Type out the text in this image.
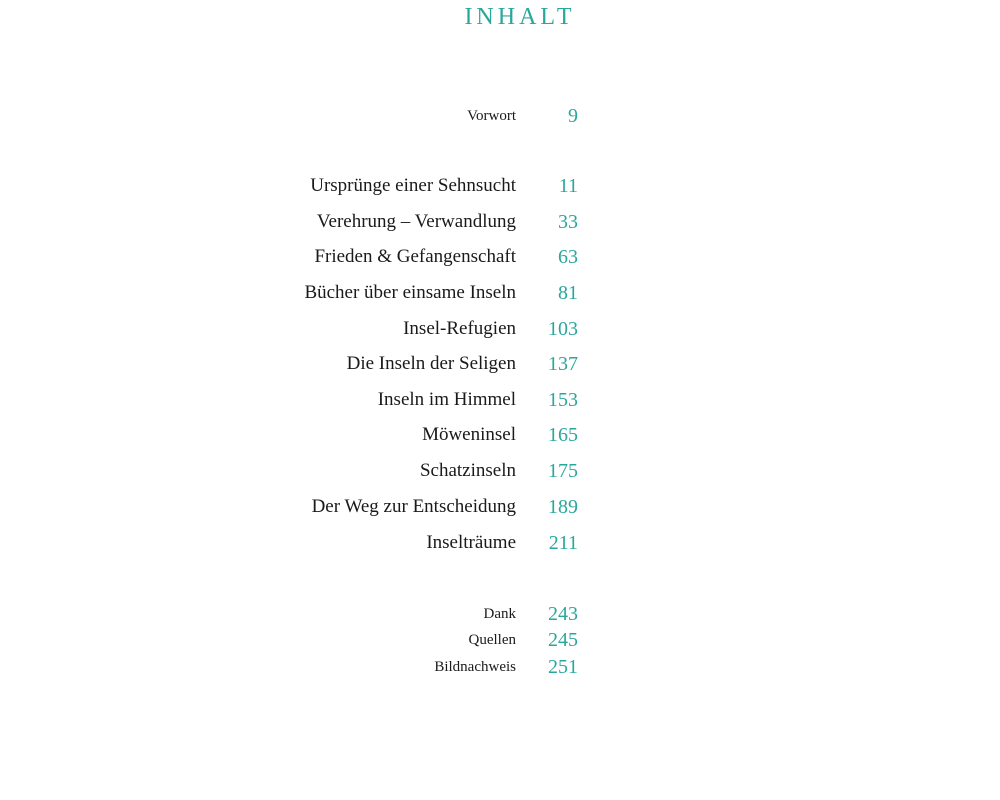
INHALT
Vorwort	9
Ursprünge einer Sehnsucht 11
Verehrung – Verwandlung 33
Frieden & Gefangenschaft 63
Bücher über einsame Inseln 81
Insel-Refugien 103
Die Inseln der Seligen 137
Inseln im Himmel 153
Möweninsel 165
Schatzinseln 175
Der Weg zur Entscheidung 189
Inselträume 211
Dank 243
Quellen 245
Bildnachweis 251
